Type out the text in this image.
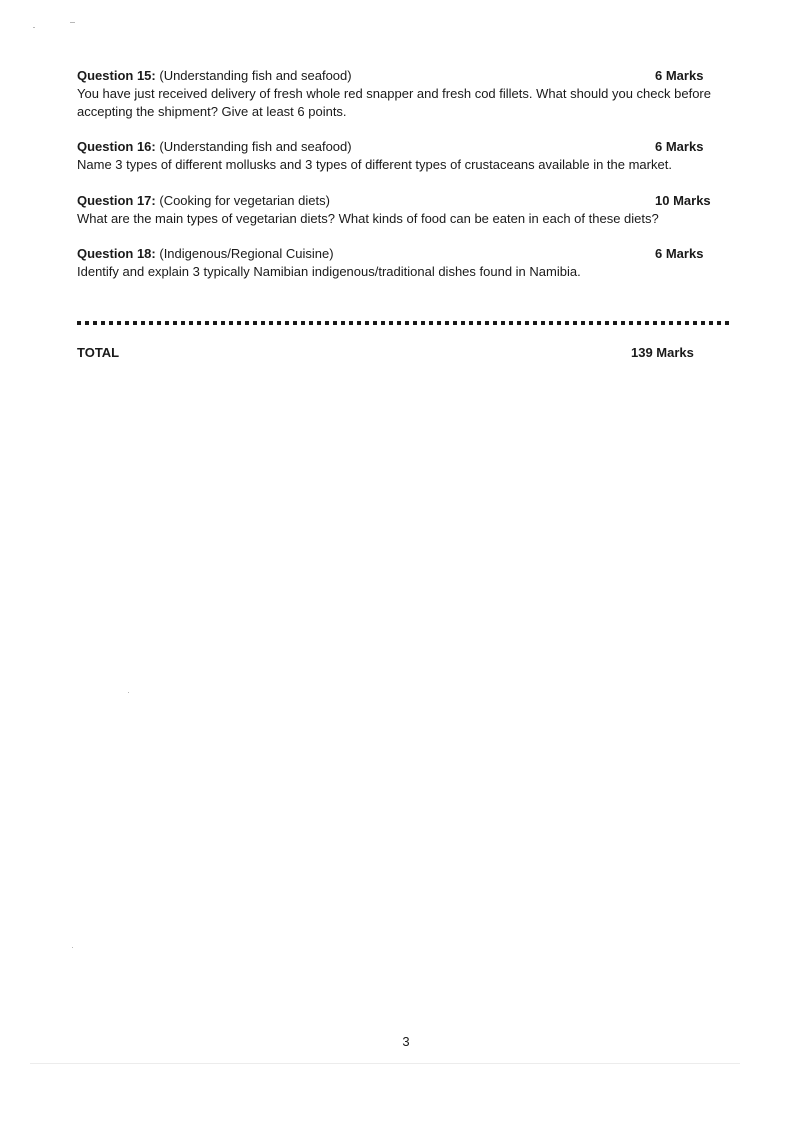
Question 15: (Understanding fish and seafood)	6 Marks

You have just received delivery of fresh whole red snapper and fresh cod fillets. What should you check before accepting the shipment? Give at least 6 points.

Question 16: (Understanding fish and seafood)	6 Marks

Name 3 types of different mollusks and 3 types of different types of crustaceans available in the market.

Question 17: (Cooking for vegetarian diets)	10 Marks

What are the main types of vegetarian diets? What kinds of food can be eaten in each of these diets?

Question 18: (Indigenous/Regional Cuisine)	6 Marks

Identify and explain 3 typically Namibian indigenous/traditional dishes found in Namibia.

TOTAL	139 Marks
3
